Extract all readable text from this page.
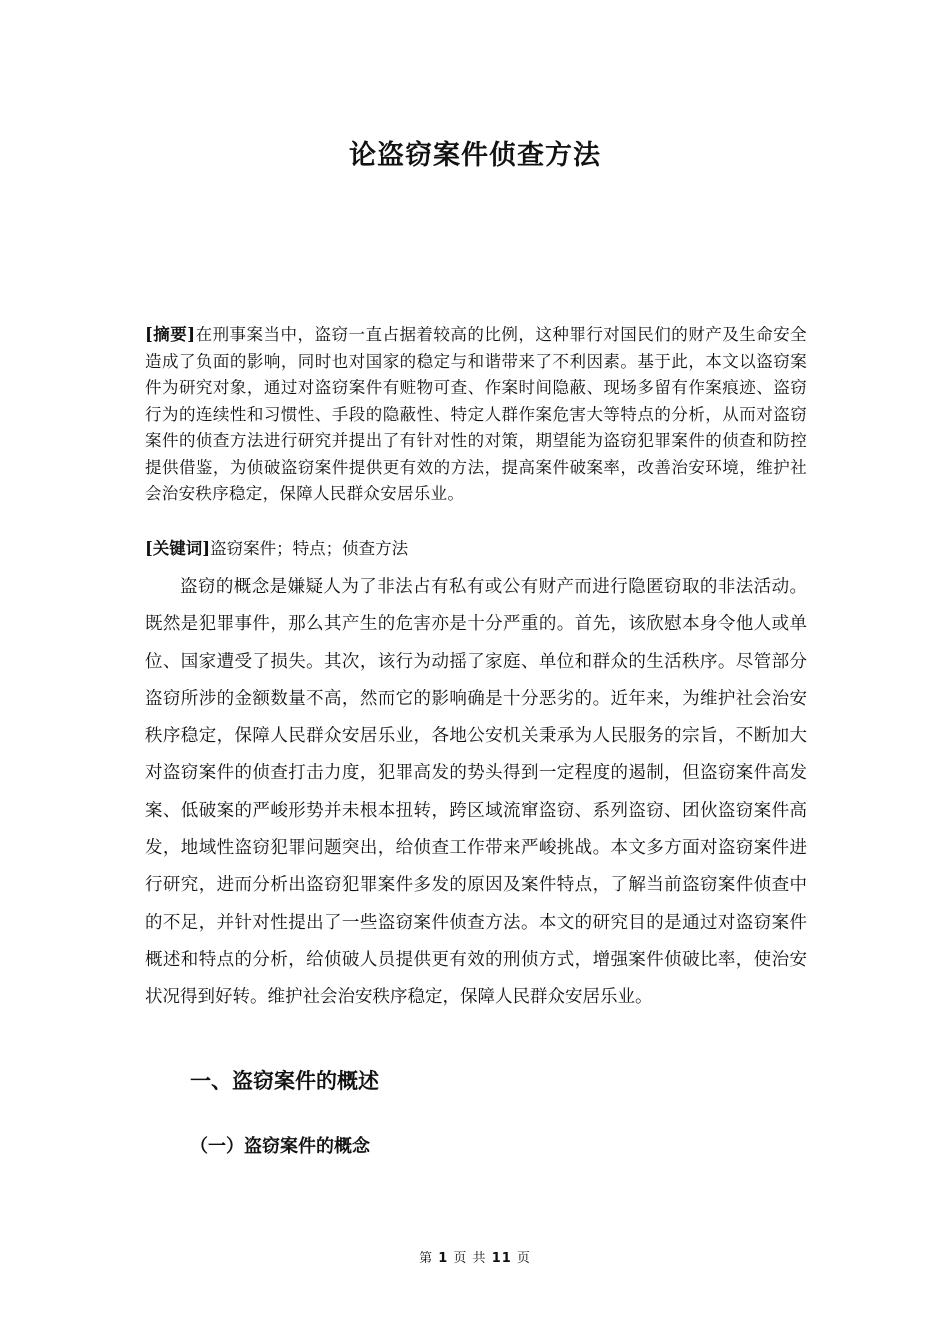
论盗窃案件侦查方法

[摘要]在刑事案当中，盗窃一直占据着较高的比例，这种罪行对国民们的财产及生命安全造成了负面的影响，同时也对国家的稳定与和谐带来了不利因素。基于此，本文以盗窃案件为研究对象，通过对盗窃案件有赃物可查、作案时间隐蔽、现场多留有作案痕迹、盗窃行为的连续性和习惯性、手段的隐蔽性、特定人群作案危害大等特点的分析，从而对盗窃案件的侦查方法进行研究并提出了有针对性的对策，期望能为盗窃犯罪案件的侦查和防控提供借鉴，为侦破盗窃案件提供更有效的方法，提高案件破案率，改善治安环境，维护社会治安秩序稳定，保障人民群众安居乐业。

[关键词]盗窃案件；特点；侦查方法

盗窃的概念是嫌疑人为了非法占有私有或公有财产而进行隐匿窃取的非法活动。既然是犯罪事件，那么其产生的危害亦是十分严重的。首先，该欣慰本身令他人或单位、国家遭受了损失。其次，该行为动摇了家庭、单位和群众的生活秩序。尽管部分盗窃所涉的金额数量不高，然而它的影响确是十分恶劣的。近年来，为维护社会治安秩序稳定，保障人民群众安居乐业，各地公安机关秉承为人民服务的宗旨，不断加大对盗窃案件的侦查打击力度，犯罪高发的势头得到一定程度的遏制，但盗窃案件高发案、低破案的严峻形势并未根本扭转，跨区域流窜盗窃、系列盗窃、团伙盗窃案件高发，地域性盗窃犯罪问题突出，给侦查工作带来严峻挑战。本文多方面对盗窃案件进行研究，进而分析出盗窃犯罪案件多发的原因及案件特点，了解当前盗窃案件侦查中的不足，并针对性提出了一些盗窃案件侦查方法。本文的研究目的是通过对盗窃案件概述和特点的分析，给侦破人员提供更有效的刑侦方式，增强案件侦破比率，使治安状况得到好转。维护社会治安秩序稳定，保障人民群众安居乐业。

一、盗窃案件的概述
（一）盗窃案件的概念
第 1 页 共 11 页
